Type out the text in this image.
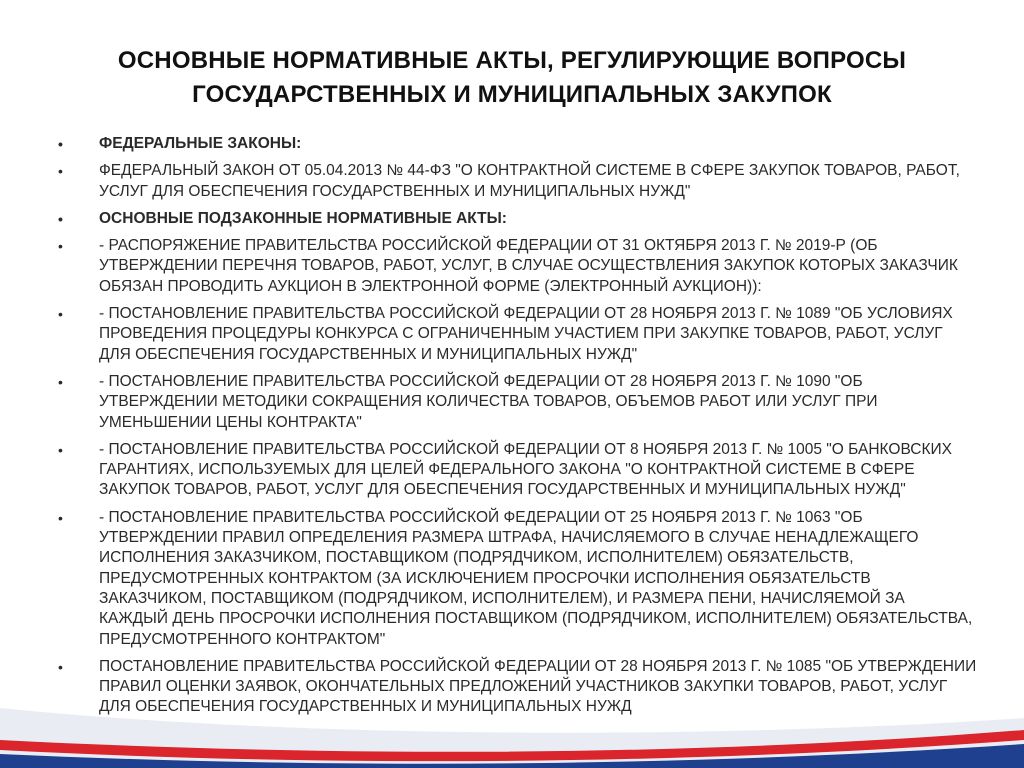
ОСНОВНЫЕ НОРМАТИВНЫЕ АКТЫ, РЕГУЛИРУЮЩИЕ ВОПРОСЫ
ГОСУДАРСТВЕННЫХ И МУНИЦИПАЛЬНЫХ ЗАКУПОК
•	ФЕДЕРАЛЬНЫЕ ЗАКОНЫ:
•	ФЕДЕРАЛЬНЫЙ ЗАКОН ОТ 05.04.2013 № 44-ФЗ "О КОНТРАКТНОЙ СИСТЕМЕ В СФЕРЕ ЗАКУПОК ТОВАРОВ, РАБОТ, УСЛУГ ДЛЯ ОБЕСПЕЧЕНИЯ ГОСУДАРСТВЕННЫХ И МУНИЦИПАЛЬНЫХ НУЖД"
•	ОСНОВНЫЕ ПОДЗАКОННЫЕ НОРМАТИВНЫЕ АКТЫ:
•	- РАСПОРЯЖЕНИЕ ПРАВИТЕЛЬСТВА РОССИЙСКОЙ ФЕДЕРАЦИИ ОТ 31 ОКТЯБРЯ 2013 Г. № 2019-Р (ОБ УТВЕРЖДЕНИИ ПЕРЕЧНЯ ТОВАРОВ, РАБОТ, УСЛУГ, В СЛУЧАЕ ОСУЩЕСТВЛЕНИЯ ЗАКУПОК КОТОРЫХ ЗАКАЗЧИК ОБЯЗАН ПРОВОДИТЬ АУКЦИОН В ЭЛЕКТРОННОЙ ФОРМЕ (ЭЛЕКТРОННЫЙ АУКЦИОН)):
•	- ПОСТАНОВЛЕНИЕ ПРАВИТЕЛЬСТВА РОССИЙСКОЙ ФЕДЕРАЦИИ ОТ 28 НОЯБРЯ 2013 Г. № 1089 "ОБ УСЛОВИЯХ ПРОВЕДЕНИЯ ПРОЦЕДУРЫ КОНКУРСА С ОГРАНИЧЕННЫМ УЧАСТИЕМ ПРИ ЗАКУПКЕ ТОВАРОВ, РАБОТ, УСЛУГ ДЛЯ ОБЕСПЕЧЕНИЯ ГОСУДАРСТВЕННЫХ И МУНИЦИПАЛЬНЫХ НУЖД"
•	- ПОСТАНОВЛЕНИЕ ПРАВИТЕЛЬСТВА РОССИЙСКОЙ ФЕДЕРАЦИИ ОТ 28 НОЯБРЯ 2013 Г. № 1090 "ОБ УТВЕРЖДЕНИИ МЕТОДИКИ СОКРАЩЕНИЯ КОЛИЧЕСТВА ТОВАРОВ, ОБЪЕМОВ РАБОТ ИЛИ УСЛУГ ПРИ УМЕНЬШЕНИИ ЦЕНЫ КОНТРАКТА"
•	- ПОСТАНОВЛЕНИЕ ПРАВИТЕЛЬСТВА РОССИЙСКОЙ ФЕДЕРАЦИИ ОТ 8 НОЯБРЯ 2013 Г. № 1005 "О БАНКОВСКИХ ГАРАНТИЯХ, ИСПОЛЬЗУЕМЫХ ДЛЯ ЦЕЛЕЙ ФЕДЕРАЛЬНОГО ЗАКОНА "О КОНТРАКТНОЙ СИСТЕМЕ В СФЕРЕ ЗАКУПОК ТОВАРОВ, РАБОТ, УСЛУГ ДЛЯ ОБЕСПЕЧЕНИЯ ГОСУДАРСТВЕННЫХ И МУНИЦИПАЛЬНЫХ НУЖД"
•	- ПОСТАНОВЛЕНИЕ ПРАВИТЕЛЬСТВА РОССИЙСКОЙ ФЕДЕРАЦИИ ОТ 25 НОЯБРЯ 2013 Г. № 1063 "ОБ УТВЕРЖДЕНИИ ПРАВИЛ ОПРЕДЕЛЕНИЯ РАЗМЕРА ШТРАФА, НАЧИСЛЯЕМОГО В СЛУЧАЕ НЕНАДЛЕЖАЩЕГО ИСПОЛНЕНИЯ ЗАКАЗЧИКОМ, ПОСТАВЩИКОМ (ПОДРЯДЧИКОМ, ИСПОЛНИТЕЛЕМ) ОБЯЗАТЕЛЬСТВ, ПРЕДУСМОТРЕННЫХ КОНТРАКТОМ (ЗА ИСКЛЮЧЕНИЕМ ПРОСРОЧКИ ИСПОЛНЕНИЯ ОБЯЗАТЕЛЬСТВ ЗАКАЗЧИКОМ, ПОСТАВЩИКОМ (ПОДРЯДЧИКОМ, ИСПОЛНИТЕЛЕМ), И РАЗМЕРА ПЕНИ, НАЧИСЛЯЕМОЙ ЗА КАЖДЫЙ ДЕНЬ ПРОСРОЧКИ ИСПОЛНЕНИЯ ПОСТАВЩИКОМ (ПОДРЯДЧИКОМ, ИСПОЛНИТЕЛЕМ) ОБЯЗАТЕЛЬСТВА, ПРЕДУСМОТРЕННОГО КОНТРАКТОМ"
•	ПОСТАНОВЛЕНИЕ ПРАВИТЕЛЬСТВА РОССИЙСКОЙ ФЕДЕРАЦИИ ОТ 28 НОЯБРЯ 2013 Г. № 1085 "ОБ УТВЕРЖДЕНИИ ПРАВИЛ ОЦЕНКИ ЗАЯВОК, ОКОНЧАТЕЛЬНЫХ ПРЕДЛОЖЕНИЙ УЧАСТНИКОВ ЗАКУПКИ ТОВАРОВ, РАБОТ, УСЛУГ ДЛЯ ОБЕСПЕЧЕНИЯ ГОСУДАРСТВЕННЫХ И МУНИЦИПАЛЬНЫХ НУЖД
